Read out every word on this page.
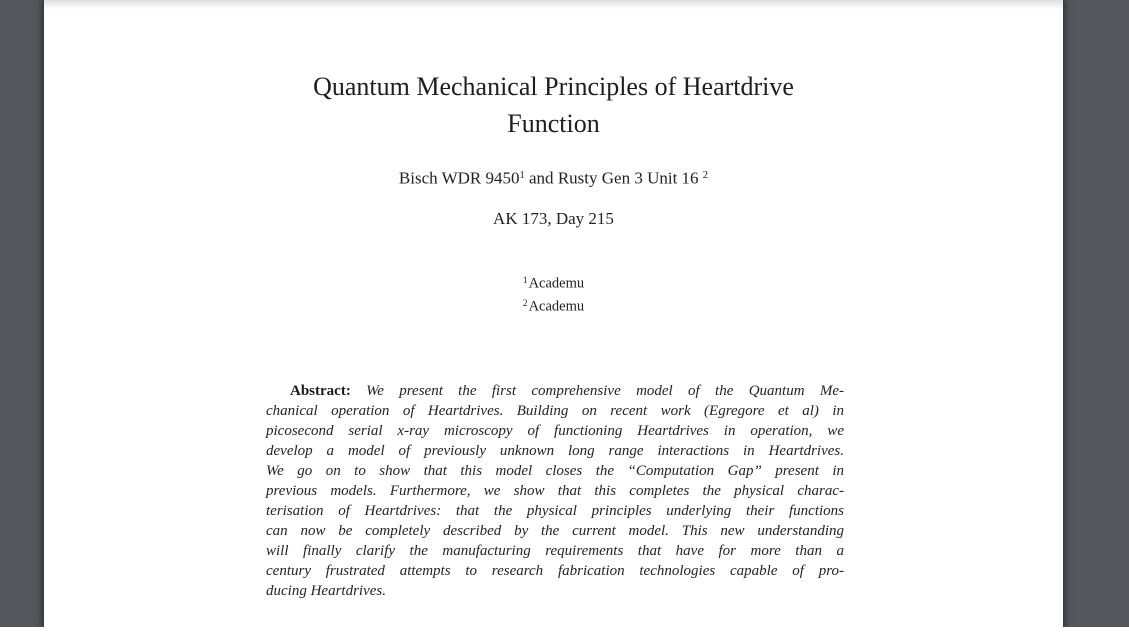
Quantum Mechanical Principles of Heartdrive
Function
Bisch WDR 9450$^1$ and Rusty Gen 3 Unit 16 $^2$
AK 173, Day 215
$^1$Academu
$^2$Academu
Abstract: We present the first comprehensive model of the Quantum Me-
chanical operation of Heartdrives. Building on recent work (Egregore et al) in
picosecond serial x-ray microscopy of functioning Heartdrives in operation, we
develop a model of previously unknown long range interactions in Heartdrives.
We go on to show that this model closes the “Computation Gap” present in
previous models. Furthermore, we show that this completes the physical charac-
terisation of Heartdrives: that the physical principles underlying their functions
can now be completely described by the current model. This new understanding
will finally clarify the manufacturing requirements that have for more than a
century frustrated attempts to research fabrication technologies capable of pro-
ducing Heartdrives.
